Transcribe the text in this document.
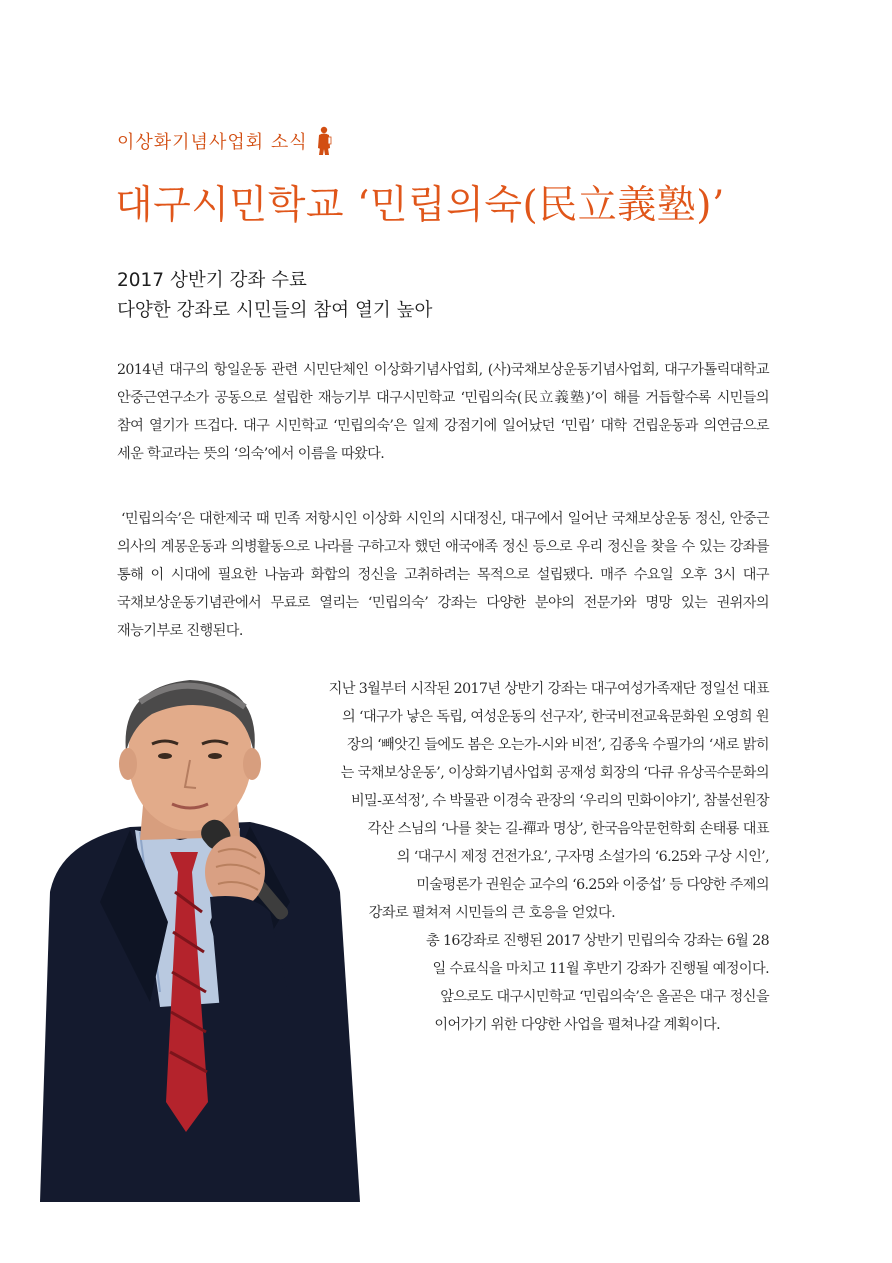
이상화기념사업회 소식
대구시민학교 ‘민립의숙(民立義塾)’
2017 상반기 강좌 수료
다양한 강좌로 시민들의 참여 열기 높아
2014년 대구의 항일운동 관련 시민단체인 이상화기념사업회, (사)국채보상운동기념사업회, 대구가톨릭대학교 안중근연구소가 공동으로 설립한 재능기부 대구시민학교 ‘민립의숙(民立義塾)’이 해를 거듭할수록 시민들의 참여 열기가 뜨겁다. 대구 시민학교 ‘민립의숙’은 일제 강점기에 일어났던 ‘민립’ 대학 건립운동과 의연금으로 세운 학교라는 뜻의 ‘의숙’에서 이름을 따왔다.
‘민립의숙’은 대한제국 때 민족 저항시인 이상화 시인의 시대정신, 대구에서 일어난 국채보상운동 정신, 안중근 의사의 계몽운동과 의병활동으로 나라를 구하고자 했던 애국애족 정신 등으로 우리 정신을 찾을 수 있는 강좌를 통해 이 시대에 필요한 나눔과 화합의 정신을 고취하려는 목적으로 설립됐다. 매주 수요일 오후 3시 대구 국채보상운동기념관에서 무료로 열리는 ‘민립의숙’ 강좌는 다양한 분야의 전문가와 명망 있는 권위자의 재능기부로 진행된다.
지난 3월부터 시작된 2017년 상반기 강좌는 대구여성가족재단 정일선 대표
의 ‘대구가 낳은 독립, 여성운동의 선구자’, 한국비전교육문화원 오영희 원
장의 ‘빼앗긴 들에도 봄은 오는가-시와 비전’, 김종욱 수필가의 ‘새로 밝히
는 국채보상운동’, 이상화기념사업회 공재성 회장의 ‘다큐 유상곡수문화의
비밀-포석정’, 수 박물관 이경숙 관장의 ‘우리의 민화이야기’, 참불선원장
각산 스님의 ‘나를 찾는 길-禪과 명상’, 한국음악문헌학회 손태룡 대표
의 ‘대구시 제정 건전가요’, 구자명 소설가의 ‘6.25와 구상 시인’,
미술평론가 권원순 교수의 ‘6.25와 이중섭’ 등 다양한 주제의
강좌로 펼쳐져 시민들의 큰 호응을 얻었다.
총 16강좌로 진행된 2017 상반기 민립의숙 강좌는 6월 28
일 수료식을 마치고 11월 후반기 강좌가 진행될 예정이다.
앞으로도 대구시민학교 ‘민립의숙’은 올곧은 대구 정신을
이어가기 위한 다양한 사업을 펼쳐나갈 계획이다.
